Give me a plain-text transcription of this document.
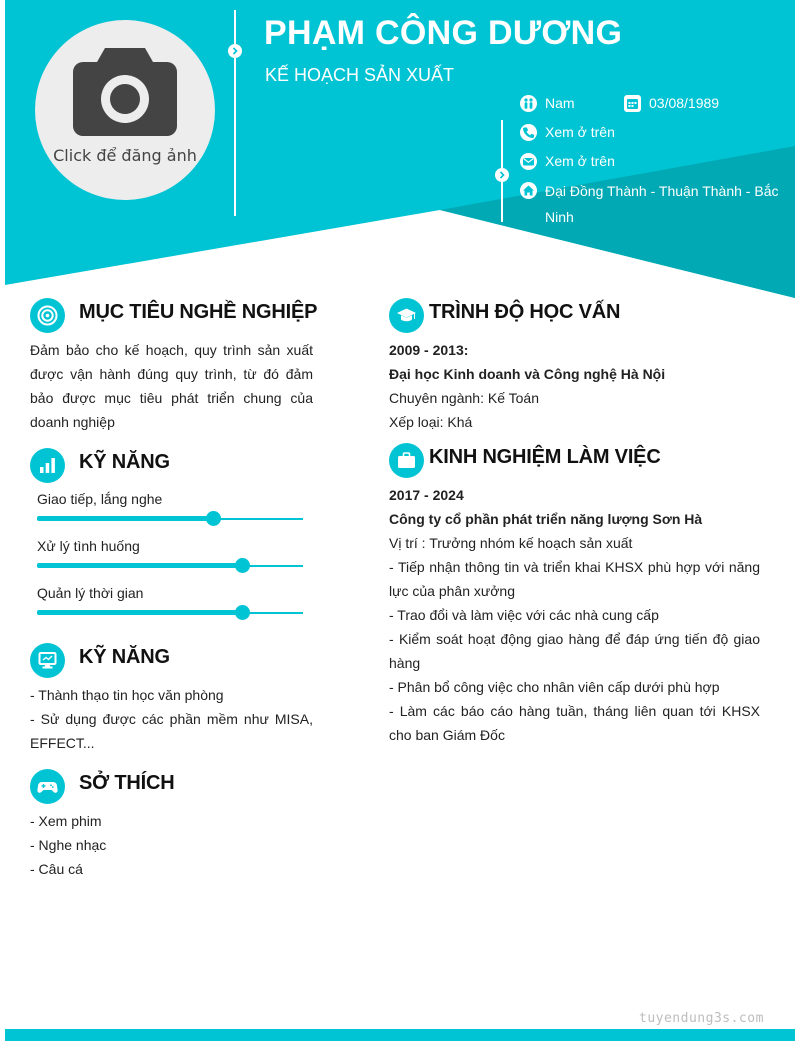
Click để đăng ảnh
PHẠM CÔNG DƯƠNG
KẾ HOẠCH SẢN XUẤT
Nam	03/08/1989
Xem ở trên
Xem ở trên
Đại Đồng Thành - Thuận Thành - Bắc Ninh
MỤC TIÊU NGHỀ NGHIỆP
Đảm bảo cho kế hoạch, quy trình sản xuất được vận hành đúng quy trình, từ đó đảm bảo được mục tiêu phát triển chung của doanh nghiệp
KỸ NĂNG
Giao tiếp, lắng nghe
Xử lý tình huống
Quản lý thời gian
KỸ NĂNG
- Thành thạo tin học văn phòng
- Sử dụng được các phần mềm như MISA, EFFECT...
SỞ THÍCH
- Xem phim
- Nghe nhạc
- Câu cá
TRÌNH ĐỘ HỌC VẤN
2009 - 2013:
Đại học Kinh doanh và Công nghệ Hà Nội
Chuyên ngành: Kế Toán
Xếp loại: Khá
KINH NGHIỆM LÀM VIỆC
2017 - 2024
Công ty cổ phần phát triển năng lượng Sơn Hà
Vị trí : Trưởng nhóm kế hoạch sản xuất
- Tiếp nhận thông tin và triển khai KHSX phù hợp với năng lực của phân xưởng
- Trao đổi và làm việc với các nhà cung cấp
- Kiểm soát hoạt động giao hàng để đáp ứng tiến độ giao hàng
- Phân bổ công việc cho nhân viên cấp dưới phù hợp
- Làm các báo cáo hàng tuần, tháng liên quan tới KHSX cho ban Giám Đốc
tuyendung3s.com
